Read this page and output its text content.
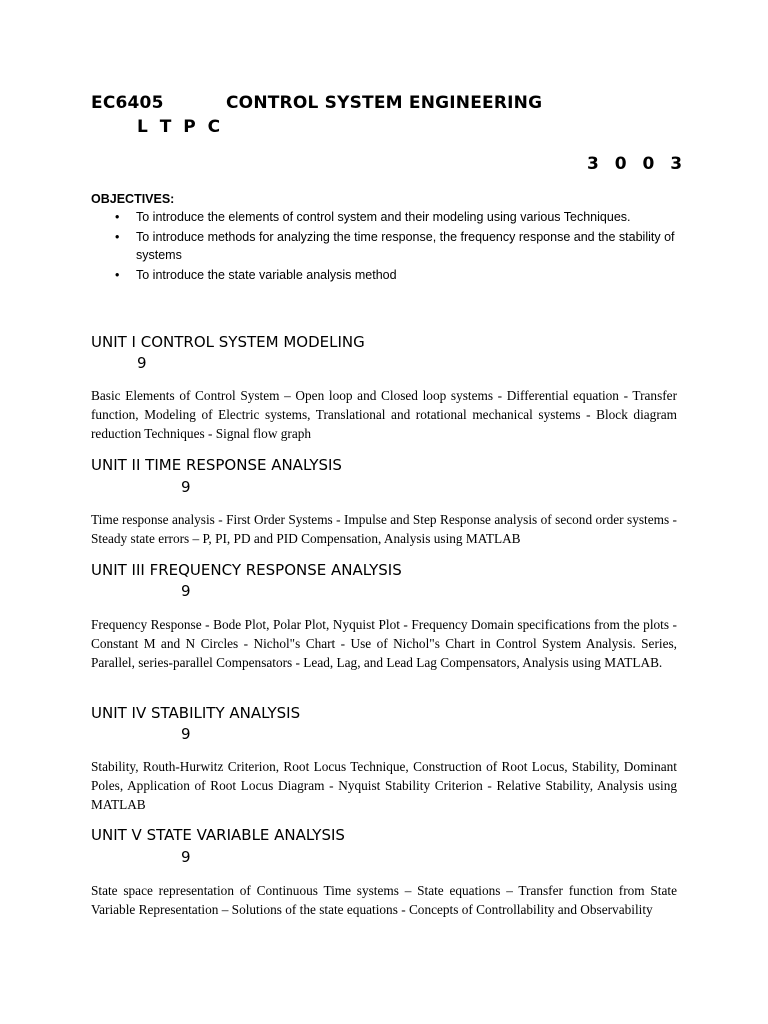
EC6405	CONTROL SYSTEM ENGINEERING
L T P C
3 0 0 3
OBJECTIVES:
• To introduce the elements of control system and their modeling using various Techniques.
• To introduce methods for analyzing the time response, the frequency response and the stability of systems
• To introduce the state variable analysis method
UNIT I CONTROL SYSTEM MODELING
9
Basic Elements of Control System – Open loop and Closed loop systems - Differential equation - Transfer function, Modeling of Electric systems, Translational and rotational mechanical systems - Block diagram reduction Techniques - Signal flow graph
UNIT II TIME RESPONSE ANALYSIS
9
Time response analysis - First Order Systems - Impulse and Step Response analysis of second order systems - Steady state errors – P, PI, PD and PID Compensation, Analysis using MATLAB
UNIT III FREQUENCY RESPONSE ANALYSIS
9
Frequency Response - Bode Plot, Polar Plot, Nyquist Plot - Frequency Domain specifications from the plots - Constant M and N Circles - Nichol"s Chart - Use of Nichol"s Chart in Control System Analysis. Series, Parallel, series-parallel Compensators - Lead, Lag, and Lead Lag Compensators, Analysis using MATLAB.
UNIT IV STABILITY ANALYSIS
9
Stability, Routh-Hurwitz Criterion, Root Locus Technique, Construction of Root Locus, Stability, Dominant Poles, Application of Root Locus Diagram - Nyquist Stability Criterion - Relative Stability, Analysis using MATLAB
UNIT V STATE VARIABLE ANALYSIS
9
State space representation of Continuous Time systems – State equations – Transfer function from State Variable Representation – Solutions of the state equations - Concepts of Controllability and Observability
